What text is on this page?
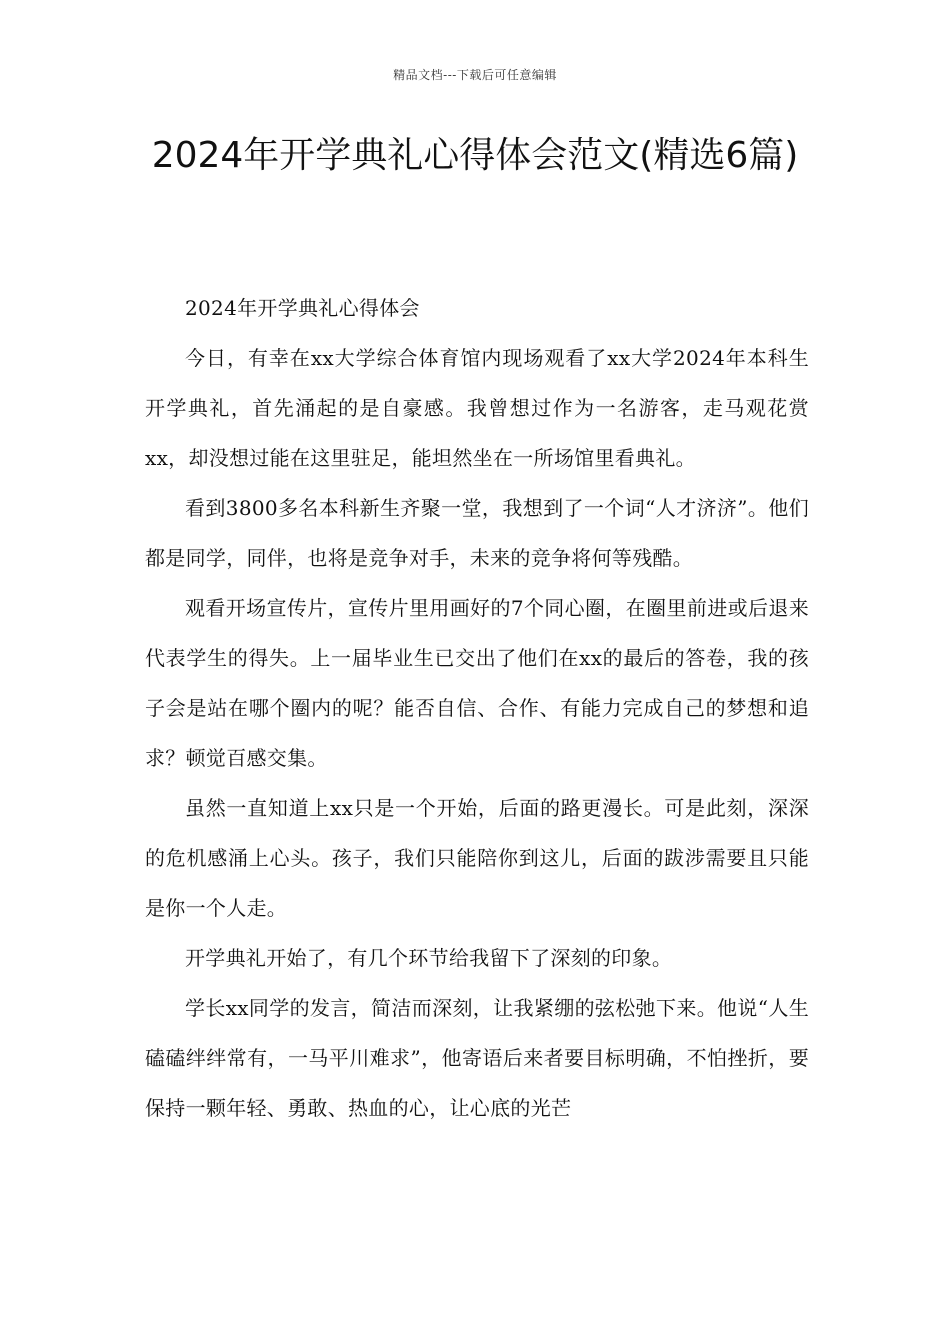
精品文档---下载后可任意编辑
2024年开学典礼心得体会范文(精选6篇)

2024年开学典礼心得体会

今日，有幸在xx大学综合体育馆内现场观看了xx大学2024年本科生开学典礼，首先涌起的是自豪感。我曾想过作为一名游客，走马观花赏xx，却没想过能在这里驻足，能坦然坐在一所场馆里看典礼。

看到3800多名本科新生齐聚一堂，我想到了一个词“人才济济”。他们都是同学，同伴，也将是竞争对手，未来的竞争将何等残酷。

观看开场宣传片，宣传片里用画好的7个同心圈，在圈里前进或后退来代表学生的得失。上一届毕业生已交出了他们在xx的最后的答卷，我的孩子会是站在哪个圈内的呢？能否自信、合作、有能力完成自己的梦想和追求？顿觉百感交集。

虽然一直知道上xx只是一个开始，后面的路更漫长。可是此刻，深深的危机感涌上心头。孩子，我们只能陪你到这儿，后面的跋涉需要且只能是你一个人走。

开学典礼开始了，有几个环节给我留下了深刻的印象。

学长xx同学的发言，简洁而深刻，让我紧绷的弦松弛下来。他说“人生磕磕绊绊常有，一马平川难求”，他寄语后来者要目标明确，不怕挫折，要保持一颗年轻、勇敢、热血的心，让心底的光芒
